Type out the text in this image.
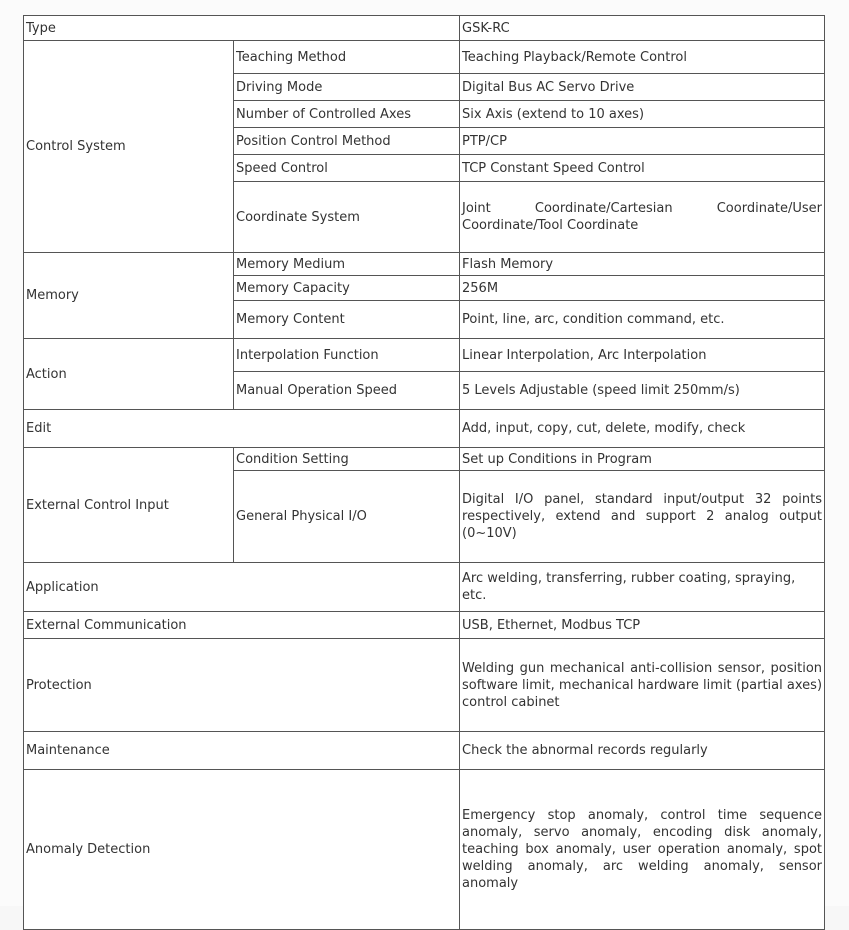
Type		GSK-RC
Control System	Teaching Method	Teaching Playback/Remote Control
	Driving Mode	Digital Bus AC Servo Drive
	Number of Controlled Axes	Six Axis (extend to 10 axes)
	Position Control Method	PTP/CP
	Speed Control	TCP Constant Speed Control
	Coordinate System	Joint Coordinate/Cartesian Coordinate/User Coordinate/Tool Coordinate
Memory	Memory Medium	Flash Memory
	Memory Capacity	256M
	Memory Content	Point, line, arc, condition command, etc.
Action	Interpolation Function	Linear Interpolation, Arc Interpolation
	Manual Operation Speed	5 Levels Adjustable (speed limit 250mm/s)
Edit		Add, input, copy, cut, delete, modify, check
External Control Input	Condition Setting	Set up Conditions in Program
	General Physical I/O	Digital I/O panel, standard input/output 32 points respectively, extend and support 2 analog output (0~10V)
Application		Arc welding, transferring, rubber coating, spraying, etc.
External Communication		USB, Ethernet, Modbus TCP
Protection		Welding gun mechanical anti-collision sensor, position software limit, mechanical hardware limit (partial axes) control cabinet
Maintenance		Check the abnormal records regularly
Anomaly Detection		Emergency stop anomaly, control time sequence anomaly, servo anomaly, encoding disk anomaly, teaching box anomaly, user operation anomaly, spot welding anomaly, arc welding anomaly, sensor anomaly
